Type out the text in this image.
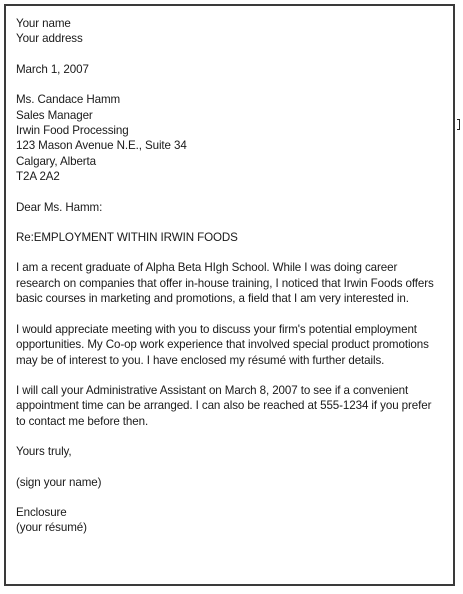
Your name
Your address
March 1, 2007
Ms. Candace Hamm
Sales Manager
Irwin Food Processing
123 Mason Avenue N.E., Suite 34
Calgary, Alberta
T2A 2A2
Dear Ms. Hamm:
Re:EMPLOYMENT WITHIN IRWIN FOODS
I am a recent graduate of Alpha Beta HIgh School. While I was doing career research on companies that offer in-house training, I noticed that Irwin Foods offers basic courses in marketing and promotions, a field that I am very interested in.
I would appreciate meeting with you to discuss your firm's potential employment opportunities. My Co-op work experience that involved special product promotions may be of interest to you. I have enclosed my résumé with further details.
I will call your Administrative Assistant on March 8, 2007 to see if a convenient appointment time can be arranged. I can also be reached at 555-1234 if you prefer to contact me before then.
Yours truly,
(sign your name)
Enclosure
(your résumé)
